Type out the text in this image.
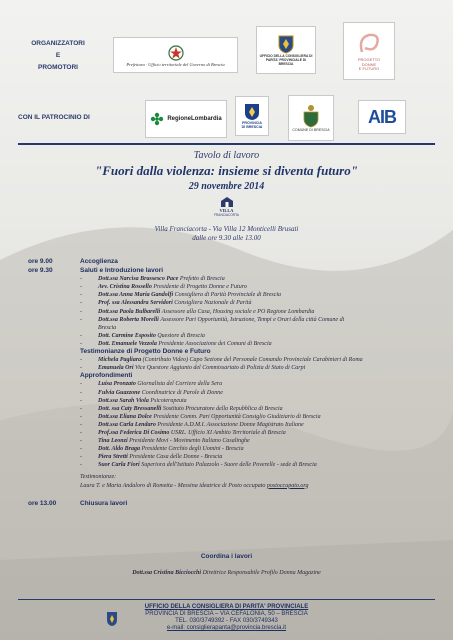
ORGANIZZATORI
E
PROMOTORI	Prefettura · Ufficio territoriale del Governo di Brescia
UFFICIO DELLA CONSIGLIERA DI PARITA' PROVINCIALE DI BRESCIA
PROGETTO
DONNE
E FUTURO
CON IL PATROCINIO DI	RegioneLombardia
PROVINCIA
DI BRESCIA
COMUNE DI BRESCIA
AIB
Tavolo di lavoro
"Fuori dalla violenza: insieme si diventa futuro"
29 novembre 2014
VILLA
FRANCIACORTA
Villa Franciacorta - Via Villa 12 Monticelli Brusati
dalle ore 9.30 alle 13.00
ore 9.00	Accoglienza
ore 9.30	Saluti e Introduzione lavori
-	Dott.ssa Narcisa Brassesco Pace Prefetto di Brescia
-	Avv. Cristina Rossello Presidente di Progetto Donne e Futuro
-	Dott.ssa Anna Maria Gandolfi Consigliera di Parità Provinciale di Brescia
-	Prof. ssa Alessandra Servidori Consigliera Nazionale di Parità
-	Dott.ssa Paola Bulbarelli Assessore alla Casa, Housing sociale e PO Regione Lombardia
-	Dott.ssa Roberta Morelli Assessore Pari Opportunità, Istruzione, Tempi e Orari della città Comune di
Brescia
-	Dott. Carmine Esposito Questore di Brescia
-	Dott. Emanuele Vezzola Presidente Associazione dei Comuni di Brescia
Testimonianze di Progetto Donne e Futuro
-	Michela Pagliara (Contributo Video) Capo Sezione del Personale Comando Provinciale Carabinieri di Roma
-	Emanuela Ori Vice Questore Aggiunto del Commissariato di Polizia di Stato di Carpi
Approfondimenti
-	Luisa Pronzato Giornalista del Corriere della Sera
-	Fulvia Guazzone Coordinatrice di Parole di Donne
-	Dott.ssa Sarah Viola Psicoterapeuta
-	Dott. ssa Caty Bressanelli Sostituto Procuratore della Repubblica di Brescia
-	Dott.ssa Eliana Dolce Presidente Comm. Pari Opportunità Consiglio Giudiziario di Brescia
-	Dott.ssa Carla Lendaro Presidente A.D.M.I. Associazione Donne Magistrato Italiane
-	Prof.ssa Federica Di Cosimo USRL. Ufficio XI Ambito Territoriale di Brescia
-	Tina Leonzi Presidente Movi - Movimento Italiano Casalinghe
-	Dott. Aldo Braga Presidente Cerchio degli Uomini - Brescia
-	Piera Stretti Presidente Casa delle Donne - Brescia
-	Suor Carla Fiori Superiora dell'Istituto Palazzolo - Suore delle Poverelle - sede di Brescia
Testimonianze:
Laura T. e Maria Andaloro di Rometta - Messina ideatrice di Posto occupato postoccupato.org
ore 13.00	Chiusura lavori
Coordina i lavori
Dott.ssa Cristina Bicciocchi Direttrice Responsabile Profilo Donna Magazine
UFFICIO DELLA CONSIGLIERA DI PARITA' PROVINCIALE
PROVINCIA DI BRESCIA – VIA CEFALONIA, 50 – BRESCIA
TEL. 030/3749392 - FAX 030/3749343
e-mail: consiglierapanta@provincia.brescia.it
